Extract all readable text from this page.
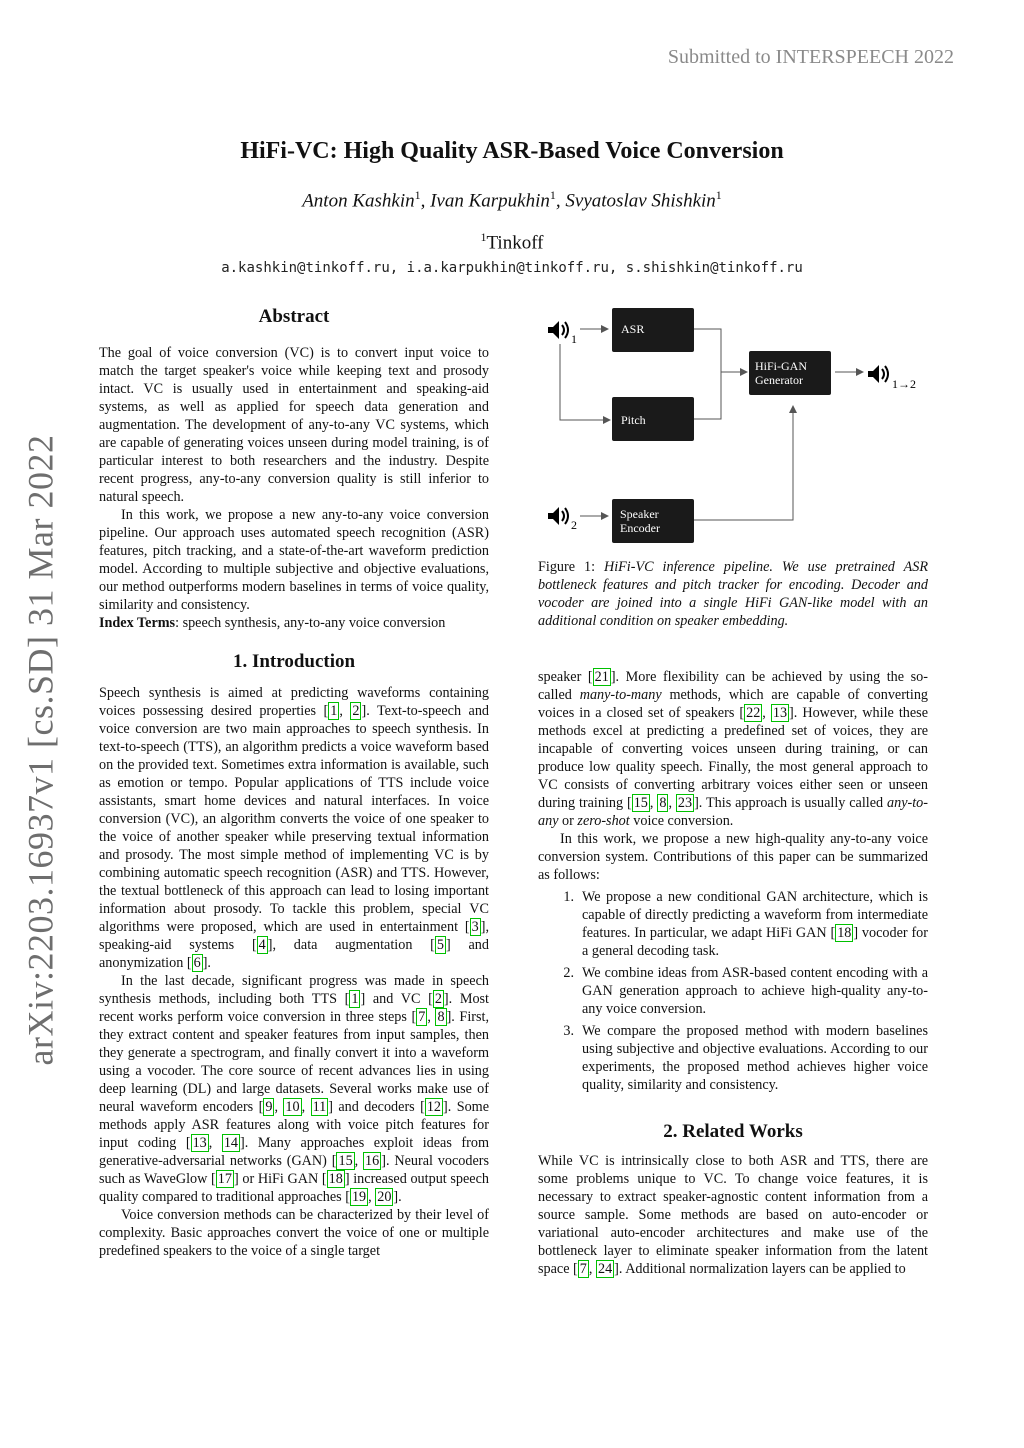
Submitted to INTERSPEECH 2022
arXiv:2203.16937v1 [cs.SD] 31 Mar 2022
HiFi-VC: High Quality ASR-Based Voice Conversion
Anton Kashkin$^1$, Ivan Karpukhin$^1$, Svyatoslav Shishkin$^1$
$^1$Tinkoff
a.kashkin@tinkoff.ru, i.a.karpukhin@tinkoff.ru, s.shishkin@tinkoff.ru
Abstract

The goal of voice conversion (VC) is to convert input voice to match the target speaker's voice while keeping text and prosody intact. VC is usually used in entertainment and speaking-aid systems, as well as applied for speech data generation and augmentation. The development of any-to-any VC systems, which are capable of generating voices unseen during model training, is of particular interest to both researchers and the industry. Despite recent progress, any-to-any conversion quality is still inferior to natural speech.

In this work, we propose a new any-to-any voice conversion pipeline. Our approach uses automated speech recognition (ASR) features, pitch tracking, and a state-of-the-art waveform prediction model. According to multiple subjective and objective evaluations, our method outperforms modern baselines in terms of voice quality, similarity and consistency.

Index Terms: speech synthesis, any-to-any voice conversion

1. Introduction

Speech synthesis is aimed at predicting waveforms containing voices possessing desired properties [ 1 , 2 ]. Text-to-speech and voice conversion are two main approaches to speech synthesis. In text-to-speech (TTS), an algorithm predicts a voice waveform based on the provided text. Sometimes extra information is available, such as emotion or tempo. Popular applications of TTS include voice assistants, smart home devices and natural interfaces. In voice conversion (VC), an algorithm converts the voice of one speaker to the voice of another speaker while preserving textual information and prosody. The most simple method of implementing VC is by combining automatic speech recognition (ASR) and TTS. However, the textual bottleneck of this approach can lead to losing important information about prosody. To tackle this problem, special VC algorithms were proposed, which are used in entertainment [ 3 ], speaking-aid systems [ 4 ], data augmentation [ 5 ] and anonymization [ 6 ].

In the last decade, significant progress was made in speech synthesis methods, including both TTS [ 1 ] and VC [ 2 ]. Most recent works perform voice conversion in three steps [ 7 , 8 ]. First, they extract content and speaker features from input samples, then they generate a spectrogram, and finally convert it into a waveform using a vocoder. The core source of recent advances lies in using deep learning (DL) and large datasets. Several works make use of neural waveform encoders [ 9 , 10 , 11 ] and decoders [ 12 ]. Some methods apply ASR features along with voice pitch features for input coding [ 13 , 14 ]. Many approaches exploit ideas from generative-adversarial networks (GAN) [ 15 , 16 ]. Neural vocoders such as WaveGlow [ 17 ] or HiFi GAN [ 18 ] increased output speech quality compared to traditional approaches [ 19 , 20 ].

Voice conversion methods can be characterized by their level of complexity. Basic approaches convert the voice of one or multiple predefined speakers to the voice of a single target

1
2
1→2
ASR
Pitch
HiFi-GAN
Generator
Speaker
Encoder
Figure 1: HiFi-VC inference pipeline. We use pretrained ASR bottleneck features and pitch tracker for encoding. Decoder and vocoder are joined into a single HiFi GAN-like model with an additional condition on speaker embedding.

speaker [ 21 ]. More flexibility can be achieved by using the so-called many-to-many methods, which are capable of converting voices in a closed set of speakers [ 22 , 13 ]. However, while these methods excel at predicting a predefined set of voices, they are incapable of converting voices unseen during training, or can produce low quality speech. Finally, the most general approach to VC consists of converting arbitrary voices either seen or unseen during training [ 15 , 8 , 23 ]. This approach is usually called any-to-any or zero-shot voice conversion.

In this work, we propose a new high-quality any-to-any voice conversion system. Contributions of this paper can be summarized as follows:

1. We propose a new conditional GAN architecture, which is capable of directly predicting a waveform from intermediate features. In particular, we adapt HiFi GAN [ 18 ] vocoder for a general decoding task.
2. We combine ideas from ASR-based content encoding with a GAN generation approach to achieve high-quality any-to-any voice conversion.
3. We compare the proposed method with modern baselines using subjective and objective evaluations. According to our experiments, the proposed method achieves higher voice quality, similarity and consistency.
2. Related Works

While VC is intrinsically close to both ASR and TTS, there are some problems unique to VC. To change voice features, it is necessary to extract speaker-agnostic content information from a source sample. Some methods are based on auto-encoder or variational auto-encoder architectures and make use of the bottleneck layer to eliminate speaker information from the latent space [ 7 , 24 ]. Additional normalization layers can be applied to
